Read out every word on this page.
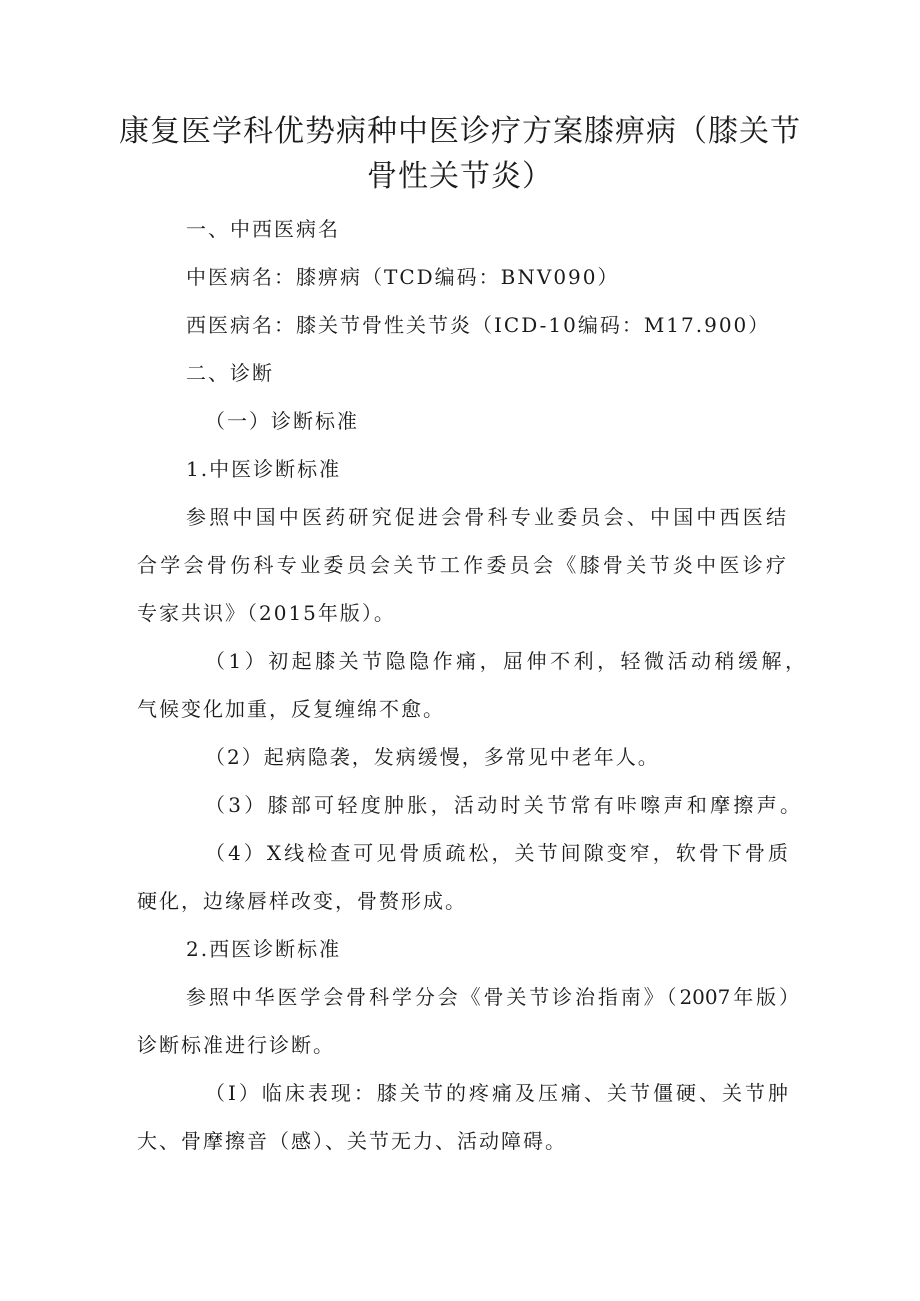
康复医学科优势病种中医诊疗方案膝痹病（膝关节
骨性关节炎）
一、中西医病名
中医病名：膝痹病（TCD编码：BNV090）
西医病名：膝关节骨性关节炎（ICD-10编码：M17.900）
二、诊断
（一）诊断标准
1.中医诊断标准
参照中国中医药研究促进会骨科专业委员会、中国中西医结
合学会骨伤科专业委员会关节工作委员会《膝骨关节炎中医诊疗
专家共识》（2015年版）。
（1）初起膝关节隐隐作痛，屈伸不利，轻微活动稍缓解，
气候变化加重，反复缠绵不愈。
（2）起病隐袭，发病缓慢，多常见中老年人。
（3）膝部可轻度肿胀，活动时关节常有咔嚓声和摩擦声。
（4）X线检查可见骨质疏松，关节间隙变窄，软骨下骨质
硬化，边缘唇样改变，骨赘形成。
2.西医诊断标准
参照中华医学会骨科学分会《骨关节诊治指南》（2007年版）
诊断标准进行诊断。
（I）临床表现：膝关节的疼痛及压痛、关节僵硬、关节肿
大、骨摩擦音（感）、关节无力、活动障碍。
